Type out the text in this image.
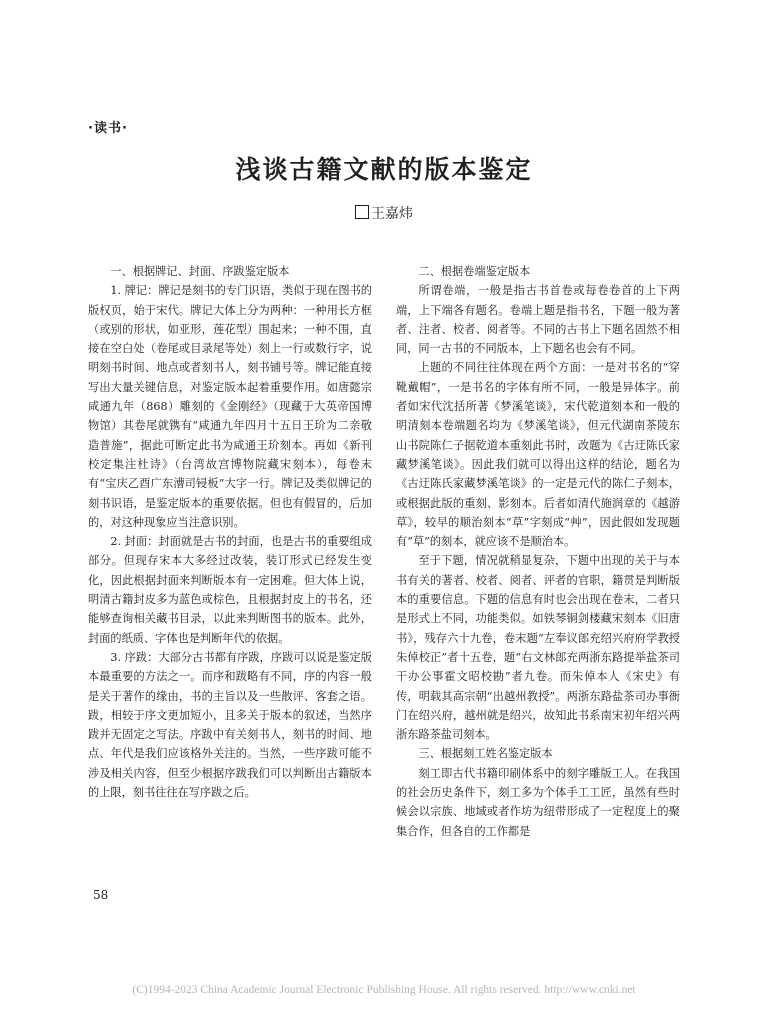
·读书·
浅谈古籍文献的版本鉴定
王嘉炜
一、根据牌记、封面、序跋鉴定版本

1. 牌记：牌记是刻书的专门识语，类似于现在图书的版权页，始于宋代。牌记大体上分为两种：一种用长方框（或别的形状，如亚形，莲花型）围起来；一种不围，直接在空白处（卷尾或目录尾等处）刻上一行或数行字，说明刻书时间、地点或者刻书人，刻书铺号等。牌记能直接写出大量关键信息，对鉴定版本起着重要作用。如唐懿宗咸通九年（868）雕刻的《金刚经》（现藏于大英帝国博物馆）其卷尾就镌有“咸通九年四月十五日王玠为二亲敬造普施”，据此可断定此书为咸通王玠刻本。再如《新刊校定集注杜诗》（台湾故宫博物院藏宋刻本），每卷末有“宝庆乙酉广东漕司锓板”大字一行。牌记及类似牌记的刻书识语，是鉴定版本的重要依据。但也有假冒的，后加的，对这种现象应当注意识别。

2. 封面：封面就是古书的封面，也是古书的重要组成部分。但现存宋本大多经过改装，装订形式已经发生变化，因此根据封面来判断版本有一定困难。但大体上说，明清古籍封皮多为蓝色或棕色，且根据封皮上的书名，还能够查询相关藏书目录，以此来判断图书的版本。此外，封面的纸质、字体也是判断年代的依据。

3. 序跋：大部分古书都有序跋，序跋可以说是鉴定版本最重要的方法之一。而序和跋略有不同，序的内容一般是关于著作的缘由，书的主旨以及一些散评、客套之语。跋，相较于序文更加短小，且多关于版本的叙述，当然序跋并无固定之写法。序跋中有关刻书人，刻书的时间、地点、年代是我们应该格外关注的。当然，一些序跋可能不涉及相关内容，但至少根据序跋我们可以判断出古籍版本的上限，刻书往往在写序跋之后。

二、根据卷端鉴定版本

所谓卷端，一般是指古书首卷或每卷卷首的上下两端，上下端各有题名。卷端上题是指书名，下题一般为著者、注者、校者、阅者等。不同的古书上下题名固然不相同，同一古书的不同版本，上下题名也会有不同。

上题的不同往往体现在两个方面：一是对书名的“穿靴戴帽”，一是书名的字体有所不同，一般是异体字。前者如宋代沈括所著《梦溪笔谈》，宋代乾道刻本和一般的明清刻本卷端题名均为《梦溪笔谈》，但元代湖南茶陵东山书院陈仁子据乾道本重刻此书时，改题为《古迂陈氏家藏梦溪笔谈》。因此我们就可以得出这样的结论，题名为《古迂陈氏家藏梦溪笔谈》的一定是元代的陈仁子刻本，或根据此版的重刻、影刻本。后者如清代施润章的《越游草》，较早的顺治刻本“草”字刻成“艸”，因此假如发现题有“草”的刻本，就应该不是顺治本。

至于下题，情况就稍显复杂，下题中出现的关于与本书有关的著者、校者、阅者、评者的官职，籍贯是判断版本的重要信息。下题的信息有时也会出现在卷末，二者只是形式上不同，功能类似。如铁琴铜剑楼藏宋刻本《旧唐书》，残存六十九卷，卷末题“左奉议郎充绍兴府府学教授朱倬校正”者十五卷，题“右文林郎充两浙东路提举盐茶司干办公事霍文昭校勘”者九卷。而朱倬本人《宋史》有传，明载其高宗朝“出越州教授”。两浙东路盐茶司办事衙门在绍兴府，越州就是绍兴，故知此书系南宋初年绍兴两浙东路茶盐司刻本。

三、根据刻工姓名鉴定版本

刻工即古代书籍印刷体系中的刻字雕版工人。在我国的社会历史条件下，刻工多为个体手工工匠，虽然有些时候会以宗族、地域或者作坊为纽带形成了一定程度上的聚集合作，但各自的工作都是

58
(C)1994-2023 China Academic Journal Electronic Publishing House. All rights reserved. http://www.cnki.net
